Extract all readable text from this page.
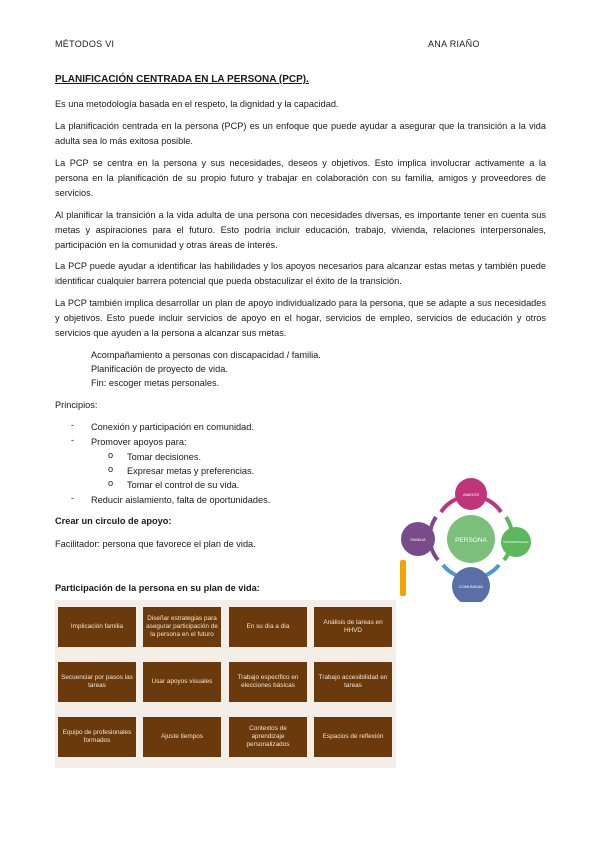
MÉTODOS VI	ANA RIAÑO
PLANIFICACIÓN CENTRADA EN LA PERSONA (PCP).

Es una metodología basada en el respeto, la dignidad y la capacidad.

La planificación centrada en la persona (PCP) es un enfoque que puede ayudar a asegurar que la transición a la vida adulta sea lo más exitosa posible.

La PCP se centra en la persona y sus necesidades, deseos y objetivos. Esto implica involucrar activamente a la persona en la planificación de su propio futuro y trabajar en colaboración con su familia, amigos y proveedores de servicios.

Al planificar la transición a la vida adulta de una persona con necesidades diversas, es importante tener en cuenta sus metas y aspiraciones para el futuro. Esto podría incluir educación, trabajo, vivienda, relaciones interpersonales, participación en la comunidad y otras áreas de interés.

La PCP puede ayudar a identificar las habilidades y los apoyos necesarios para alcanzar estas metas y también puede identificar cualquier barrera potencial que pueda obstaculizar el éxito de la transición.

La PCP también implica desarrollar un plan de apoyo individualizado para la persona, que se adapte a sus necesidades y objetivos. Esto puede incluir servicios de apoyo en el hogar, servicios de empleo, servicios de educación y otros servicios que ayuden a la persona a alcanzar sus metas.

Acompañamiento a personas con discapacidad / familia.
Planificación de proyecto de vida.
Fin: escoger metas personales.
Principios:
- Conexión y participación en comunidad.
- Promover apoyos para:
o Tomar decisiones.
o Expresar metas y preferencias.
o Tomar el control de su vida.
- Reducir aislamiento, falta de oportunidades.
Crear un circulo de apoyo:
Facilitador: persona que favorece el plan de vida.	PERSONA
AMIGOS
PROFESIONALES
COMUNIDAD
FAMILIA
Participación de la persona en su plan de vida:
Implicación familia
Diseñar estrategias para asegurar participación de la persona en el futuro
En su día a día
Análisis de tareas en HHVD
Secuenciar por pasos las tareas
Usar apoyos visuales
Trabajo específico en elecciones básicas
Trabajo accesibilidad en tareas
Equipo de profesionales formados
Ajuste tiempos
Contextos de aprendizaje personalizados
Espacios de reflexión
